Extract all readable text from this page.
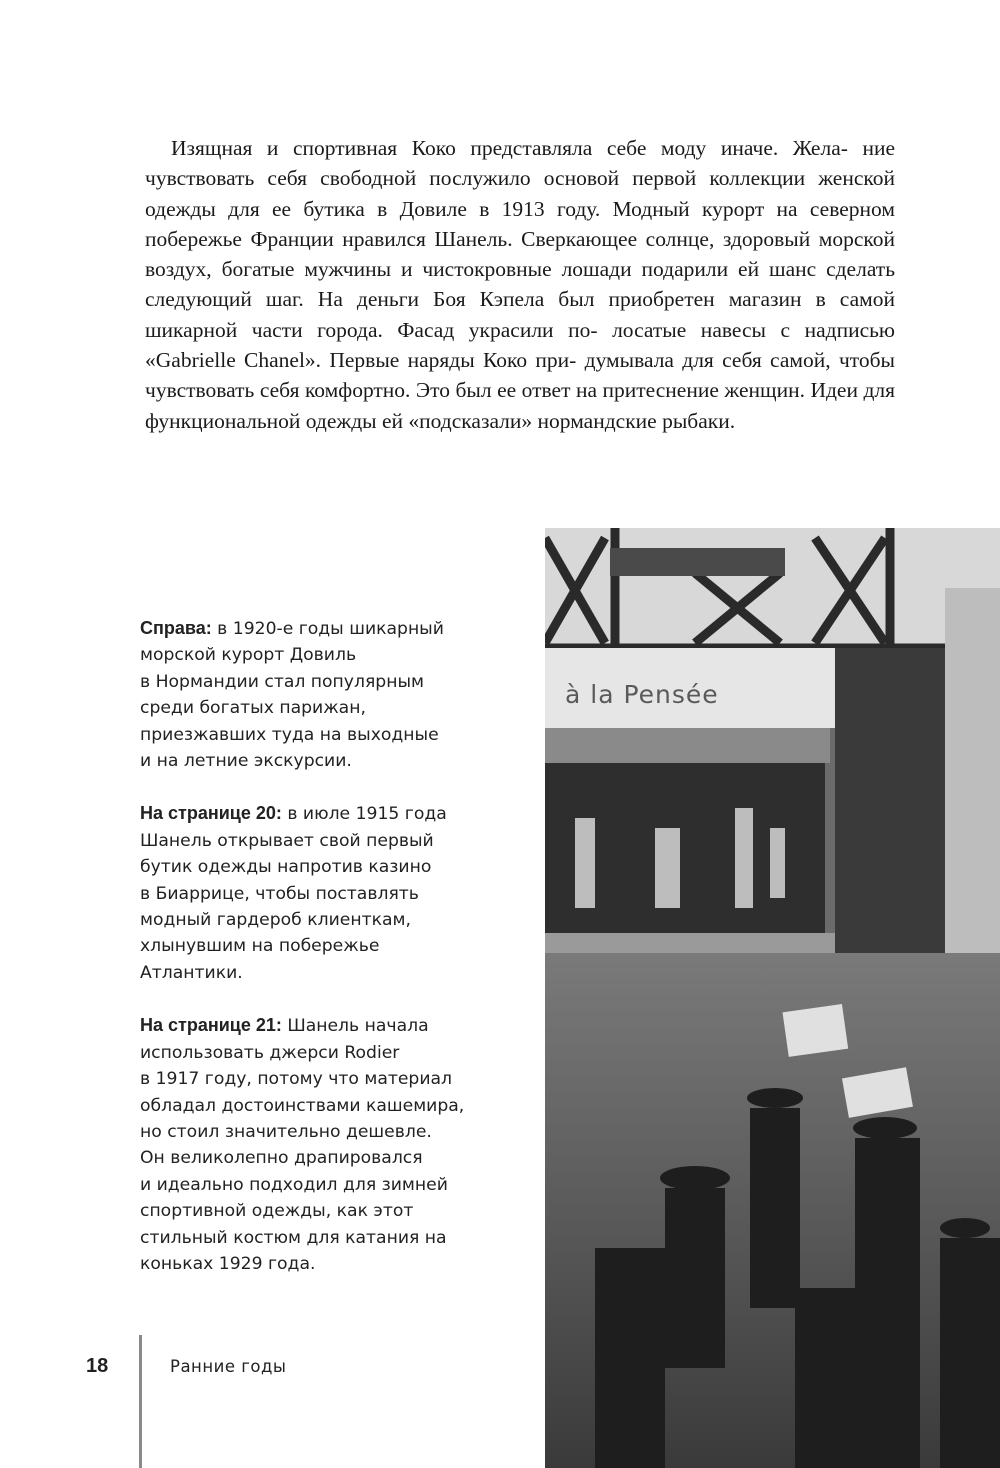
Изящная и спортивная Коко представляла себе моду иначе. Жела- ние чувствовать себя свободной послужило основой первой коллекции женской одежды для ее бутика в Довиле в 1913 году. Модный курорт на северном побережье Франции нравился Шанель. Сверкающее солнце, здоровый морской воздух, богатые мужчины и чистокровные лошади подарили ей шанс сделать следующий шаг. На деньги Боя Кэпела был приобретен магазин в самой шикарной части города. Фасад украсили по- лосатые навесы с надписью «Gabrielle Chanel». Первые наряды Коко при- думывала для себя самой, чтобы чувствовать себя комфортно. Это был ее ответ на притеснение женщин. Идеи для функциональной одежды ей «подсказали» нормандские рыбаки.

Справа: в 1920-е годы шикарный
морской курорт Довиль
в Нормандии стал популярным
среди богатых парижан,
приезжавших туда на выходные
и на летние экскурсии.
На странице 20: в июле 1915 года
Шанель открывает свой первый
бутик одежды напротив казино
в Биаррице, чтобы поставлять
модный гардероб клиенткам,
хлынувшим на побережье
Атлантики.
На странице 21: Шанель начала
использовать джерси Rodier
в 1917 году, потому что материал
обладал достоинствами кашемира,
но стоил значительно дешевле.
Он великолепно драпировался
и идеально подходил для зимней
спортивной одежды, как этот
стильный костюм для катания на
коньках 1929 года.
18	Ранние годы
à la Pensée
